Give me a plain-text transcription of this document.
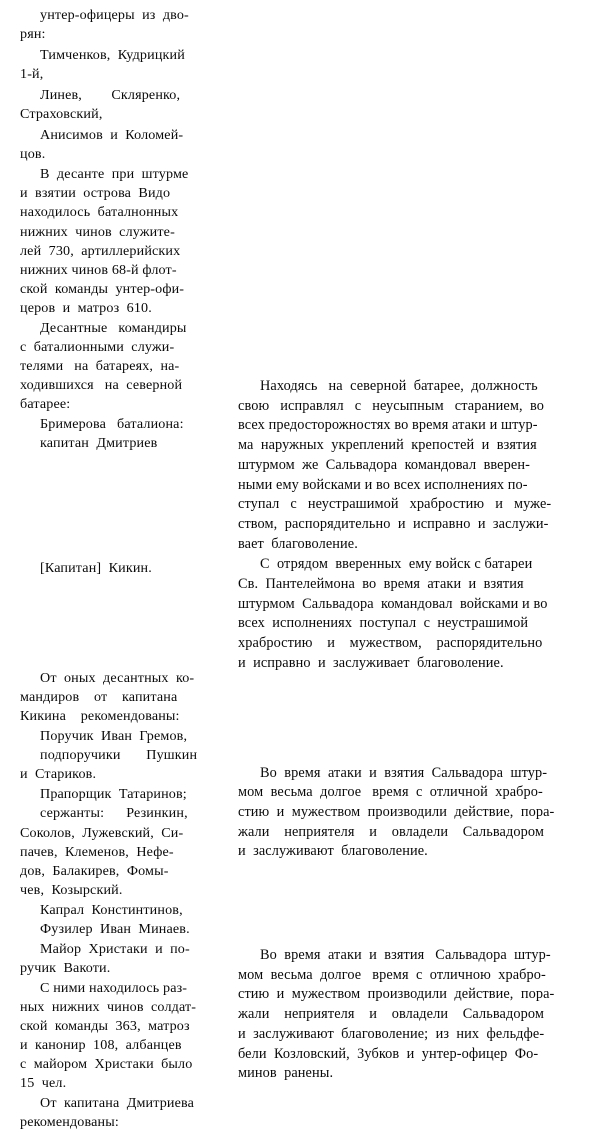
унтер-офицеры  из  дво-
рян:

Тимченков,  Кудрицкий
1-й,

Линев,        Скляренко,
Страховский,

Анисимов  и  Коломей-
цов.

В  десанте  при  штурме
и  взятии  острова  Видо
находилось  баталнонных
нижних  чинов  служите-
лей  730,  артиллерийских
нижних чинов 68-й флот-
ской  команды  унтер-офи-
церов  и  матроз  610.

Десантные   командиры
с  баталионными  служи-
телями   на  батареях,  на-
ходившихся   на  северной
батарее:

Бримерова   баталиона:
капитан  Дмитриев

[Капитан]  Кикин.

От  оных  десантных  ко-
мандиров    от    капитана
Кикина    рекомендованы:

Поручик  Иван  Гремов,
подпоручики       Пушкин
и  Стариков.

Прапорщик  Татаринов;
сержанты:      Резинкин,
Соколов,  Лужевский,  Си-
пачев,  Клеменов,  Нефе-
дов,  Балакирев,  Фомы-
чев,  Козырский.

Капрал  Констинтинов,
Фузилер  Иван  Минаев.

Майор  Христаки  и  по-
ручик  Вакоти.

С ними находилось раз-
ных  нижних  чинов  солдат-
ской  команды  363,  матроз
и  канонир  108,  албанцев
с  майором  Христаки  было
15  чел.

От  капитана  Дмитриева
рекомендованы:

Находясь   на  северной  батарее,  должность
свою   исправлял   с   неусыпным   старанием,  во
всех предосторожностях во время атаки и штур-
ма  наружных  укреплений  крепостей  и  взятия
штурмом  же  Сальвадора  командовал  вверен-
ными ему войсками и во всех исполнениях по-
ступал   с   неустрашимой   храбростию   и   муже-
ством,  распорядительно  и  исправно  и  заслужи-
вает  благоволение.

С  отрядом  вверенных  ему войск с батареи
Св.  Пантелеймона  во  время  атаки  и  взятия
штурмом  Сальвадора  командовал  войсками и во
всех  исполнениях  поступал  с  неустрашимой
храбростию    и    мужеством,    распорядительно
и  исправно  и  заслуживает  благоволение.

Во  время  атаки  и  взятия  Сальвадора  штур-
мом  весьма  долгое   время  с  отличной  храбро-
стию  и  мужеством  производили  действие,  пора-
жали    неприятеля    и    овладели    Сальвадором
и  заслуживают  благоволение.

Во  время  атаки  и  взятия   Сальвадора  штур-
мом  весьма  долгое   время  с  отличною  храбро-
стию  и  мужеством  производили  действие,  пора-
жали    неприятеля    и    овладели    Сальвадором
и  заслуживают  благоволение;  из  них  фельдфе-
бели  Козловский,  Зубков  и  унтер-офицер  Фо-
минов  ранены.
